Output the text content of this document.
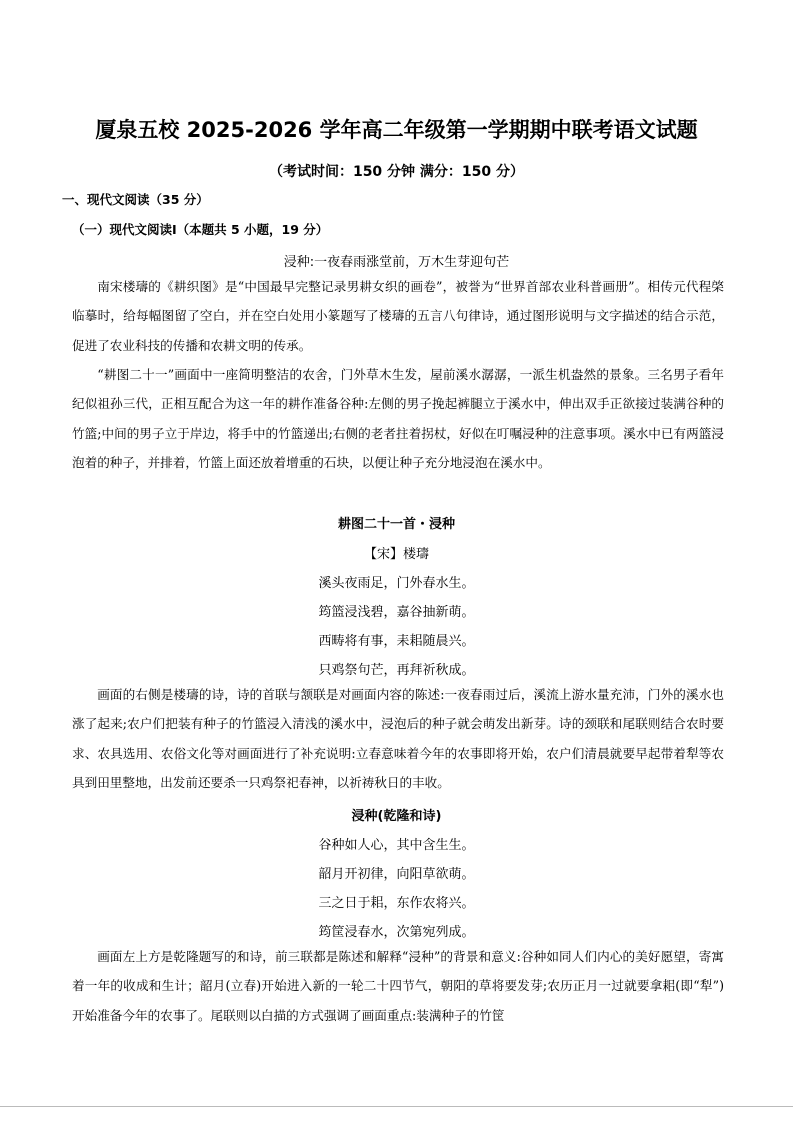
厦泉五校 2025-2026 学年高二年级第一学期期中联考语文试题
（考试时间：150 分钟 满分：150 分）
一、现代文阅读（35 分）
（一）现代文阅读Ⅰ（本题共 5 小题，19 分）
浸种:一夜春雨涨堂前，万木生芽迎句芒

南宋楼璹的《耕织图》是“中国最早完整记录男耕女织的画卷”，被誉为“世界首部农业科普画册”。相传元代程棨临摹时，给每幅图留了空白，并在空白处用小篆题写了楼璹的五言八句律诗，通过图形说明与文字描述的结合示范，促进了农业科技的传播和农耕文明的传承。

“耕图二十一”画面中一座简明整洁的农舍，门外草木生发，屋前溪水潺潺，一派生机盎然的景象。三名男子看年纪似祖孙三代，正相互配合为这一年的耕作准备谷种:左侧的男子挽起裤腿立于溪水中，伸出双手正欲接过装满谷种的竹篮;中间的男子立于岸边，将手中的竹篮递出;右侧的老者拄着拐杖，好似在叮嘱浸种的注意事项。溪水中已有两篮浸泡着的种子，并排着，竹篮上面还放着增重的石块，以便让种子充分地浸泡在溪水中。

耕图二十一首・浸种
【宋】楼璹
溪头夜雨足，门外春水生。
筠篮浸浅碧，嘉谷抽新萌。
西畴将有事，耒耜随晨兴。
只鸡祭句芒，再拜祈秋成。

画面的右侧是楼璹的诗，诗的首联与颔联是对画面内容的陈述:一夜春雨过后，溪流上游水量充沛，门外的溪水也涨了起来;农户们把装有种子的竹篮浸入清浅的溪水中，浸泡后的种子就会萌发出新芽。诗的颈联和尾联则结合农时要求、农具选用、农俗文化等对画面进行了补充说明:立春意味着今年的农事即将开始，农户们清晨就要早起带着犁等农具到田里整地，出发前还要杀一只鸡祭祀春神，以祈祷秋日的丰收。

浸种(乾隆和诗)
谷种如人心，其中含生生。
韶月开初律，向阳草欲萌。
三之日于耜，东作农将兴。
筠筐浸春水，次第宛列成。

画面左上方是乾隆题写的和诗，前三联都是陈述和解释“浸种”的背景和意义:谷种如同人们内心的美好愿望，寄寓着一年的收成和生计；韶月(立春)开始进入新的一轮二十四节气，朝阳的草将要发芽;农历正月一过就要拿耜(即“犁”)开始准备今年的农事了。尾联则以白描的方式强调了画面重点:装满种子的竹筐
